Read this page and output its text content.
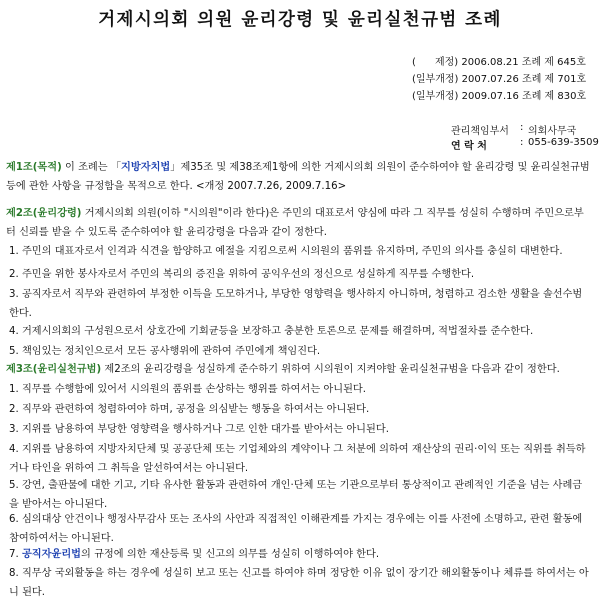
거제시의회 의원 윤리강령 및 윤리실천규범 조례
(      제정) 2006.08.21 조례 제 645호
(일부개정) 2007.07.26 조례 제 701호
(일부개정) 2009.07.16 조례 제 830호
관리책임부서 : 의회사무국
연 락 처	: 055-639-3509
제1조(목적) 이 조례는 「지방자치법」제35조 및 제38조제1항에 의한 거제시의회 의원이 준수하여야 할 윤리강령 및 윤리실천규범 등에 관한 사항을 규정함을 목적으로 한다. <개정 2007.7.26, 2009.7.16>
제2조(윤리강령) 거제시의회 의원(이하 "시의원"이라 한다)은 주민의 대표로서 양심에 따라 그 직무를 성실히 수행하며 주민으로부터 신뢰를 받을 수 있도록 준수하여야 할 윤리강령을 다음과 같이 정한다.
1. 주민의 대표자로서 인격과 식견을 함양하고 예절을 지킴으로써 시의원의 품위를 유지하며, 주민의 의사를 충실히 대변한다.
2. 주민을 위한 봉사자로서 주민의 복리의 증진을 위하여 공익우선의 정신으로 성실하게 직무를 수행한다.
3. 공직자로서 직무와 관련하여 부정한 이득을 도모하거나, 부당한 영향력을 행사하지 아니하며, 청렴하고 검소한 생활을 솔선수범한다.
4. 거제시의회의 구성원으로서 상호간에 기회균등을 보장하고 충분한 토론으로 문제를 해결하며, 적법절차를 준수한다.
5. 책임있는 정치인으로서 모든 공사행위에 관하여 주민에게 책임진다.
제3조(윤리실천규범) 제2조의 윤리강령을 성실하게 준수하기 위하여 시의원이 지켜야할 윤리실천규범을 다음과 같이 정한다.
1. 직무를 수행함에 있어서 시의원의 품위를 손상하는 행위를 하여서는 아니된다.
2. 직무와 관련하여 청렴하여야 하며, 공정을 의심받는 행동을 하여서는 아니된다.
3. 지위를 남용하여 부당한 영향력을 행사하거나 그로 인한 대가를 받아서는 아니된다.
4. 지위를 남용하여 지방자치단체 및 공공단체 또는 기업체와의 계약이나 그 처분에 의하여 재산상의 권리·이익 또는 직위를 취득하거나 타인을 위하여 그 취득을 알선하여서는 아니된다.
5. 강연, 출판물에 대한 기고, 기타 유사한 활동과 관련하여 개인·단체 또는 기관으로부터 통상적이고 관례적인 기준을 넘는 사례금을 받아서는 아니된다.
6. 심의대상 안건이나 행정사무감사 또는 조사의 사안과 직접적인 이해관계를 가지는 경우에는 이를 사전에 소명하고, 관련 활동에 참여하여서는 아니된다.
7. 공직자윤리법의 규정에 의한 재산등록 및 신고의 의무를 성실히 이행하여야 한다.
8. 직무상 국외활동을 하는 경우에 성실히 보고 또는 신고를 하여야 하며 정당한 이유 없이 장기간 해외활동이나 체류를 하여서는 아니 된다.
